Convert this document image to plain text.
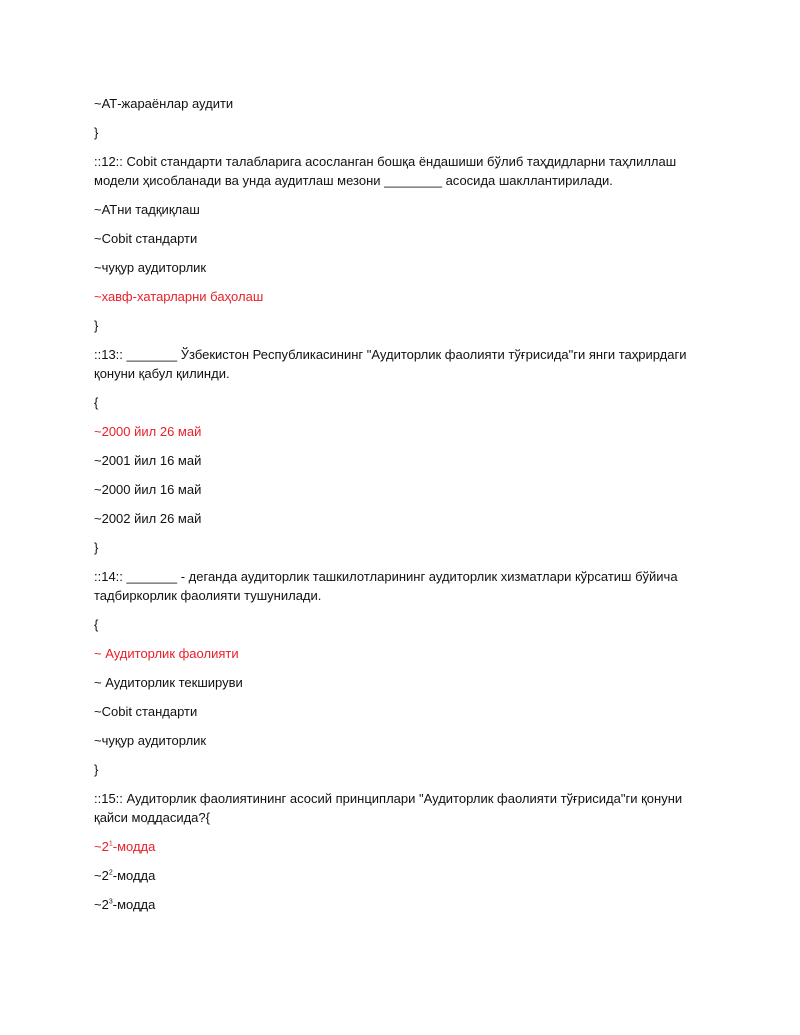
~АТ-жараёнлар аудити

}

::12:: Cobit стандарти талабларига асосланган бошқа ёндашиши бўлиб таҳдидларни таҳлиллаш модели ҳисобланади ва унда аудитлаш мезони ________ асосида шакллантирилади.

~АТни тадқиқлаш

~Cobit стандарти

~чуқур аудиторлик

~хавф-хатарларни баҳолаш

}

::13:: _______ Ўзбекистон Республикасининг "Аудиторлик фаолияти тўғрисида"ги янги таҳрирдаги қонуни қабул қилинди.

{

~2000 йил 26 май

~2001 йил 16 май

~2000 йил 16 май

~2002 йил 26 май

}

::14:: _______ - деганда аудиторлик ташкилотларининг аудиторлик хизматлари кўрсатиш бўйича тадбиркорлик фаолияти тушунилади.

{

~ Аудиторлик фаолияти

~ Аудиторлик текшируви

~Cobit стандарти

~чуқур аудиторлик

}

::15:: Аудиторлик фаолиятининг асосий принциплари "Аудиторлик фаолияти тўғрисида"ги қонуни қайси моддасида?{

$\sim 2^1$-модда

$\sim 2^2$-модда

$\sim 2^3$-модда
